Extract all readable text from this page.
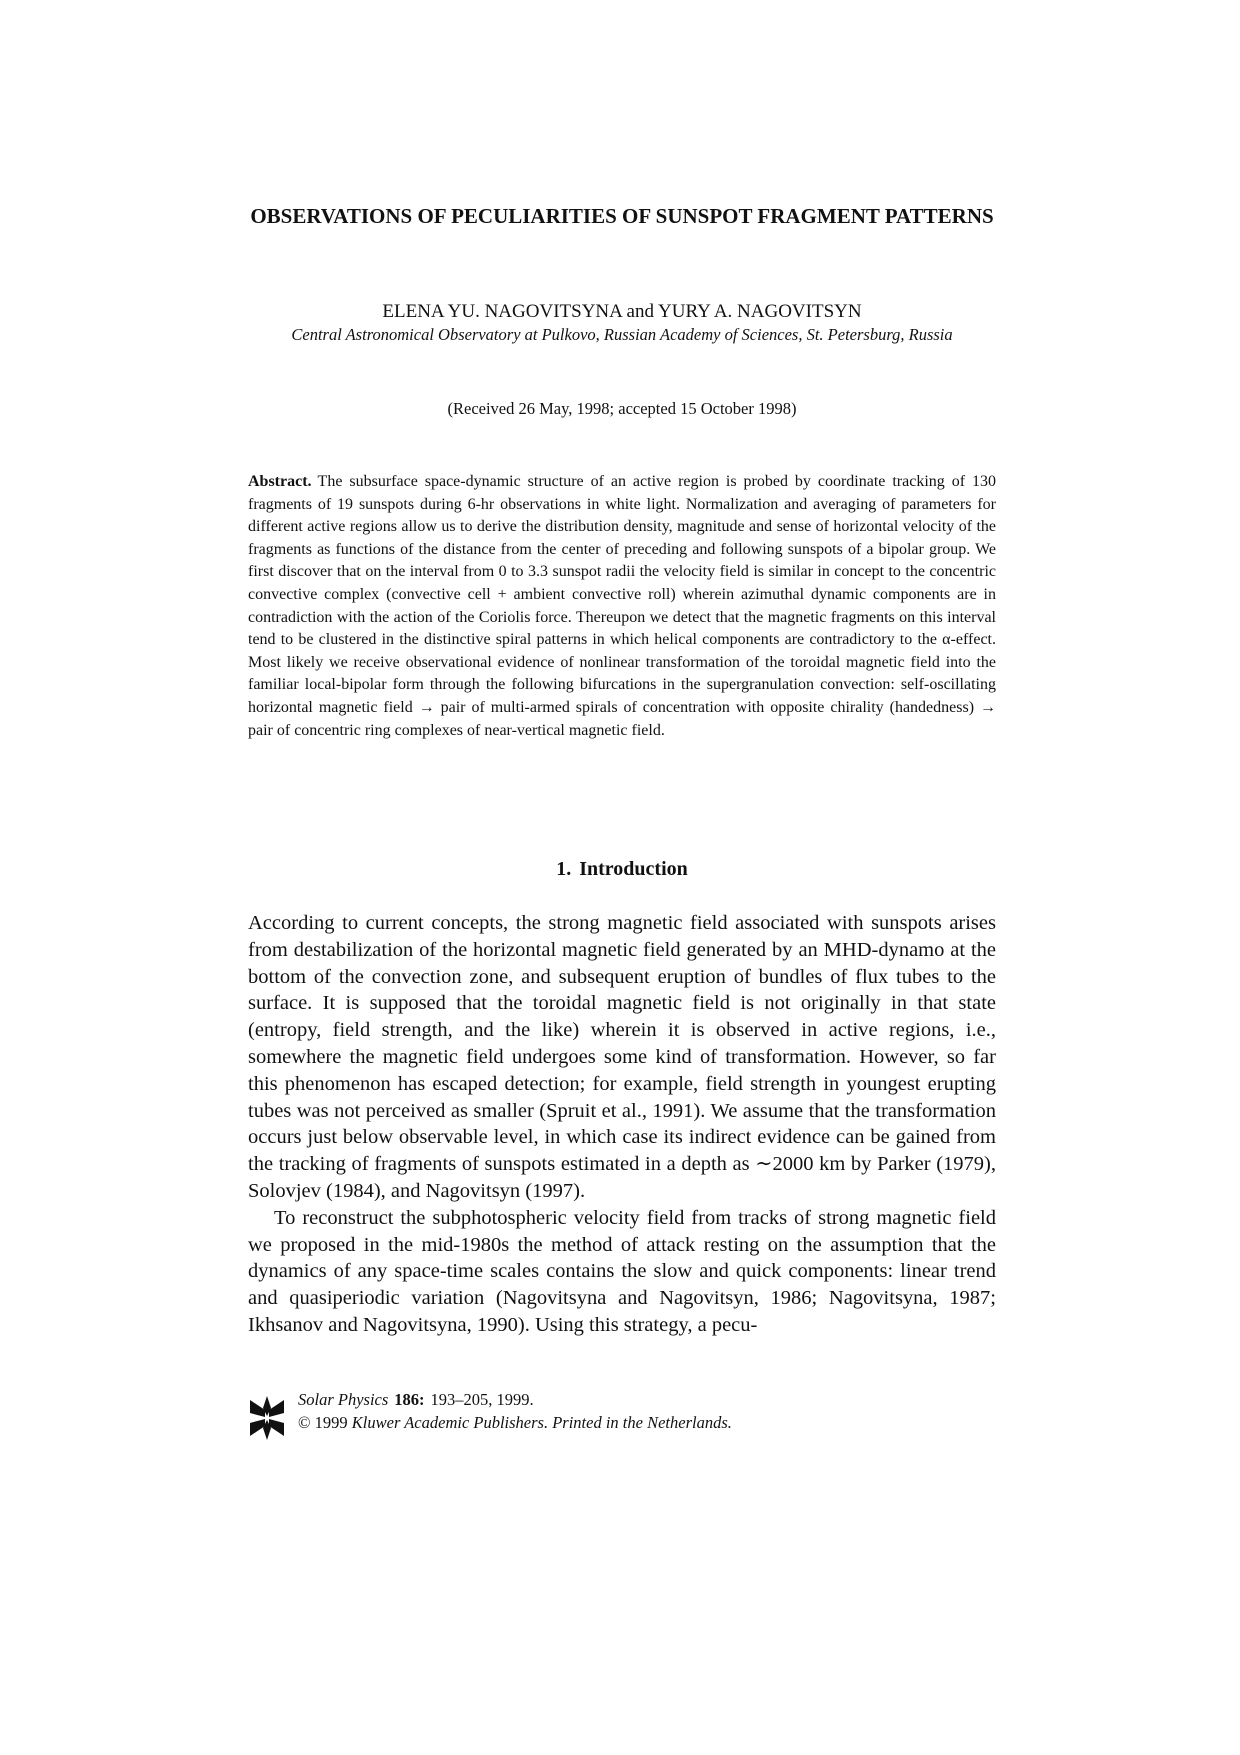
OBSERVATIONS OF PECULIARITIES OF SUNSPOT FRAGMENT PATTERNS
ELENA YU. NAGOVITSYNA and YURY A. NAGOVITSYN
Central Astronomical Observatory at Pulkovo, Russian Academy of Sciences, St. Petersburg, Russia
(Received 26 May, 1998; accepted 15 October 1998)

Abstract. The subsurface space-dynamic structure of an active region is probed by coordinate tracking of 130 fragments of 19 sunspots during 6-hr observations in white light. Normalization and averaging of parameters for different active regions allow us to derive the distribution density, magnitude and sense of horizontal velocity of the fragments as functions of the distance from the center of preceding and following sunspots of a bipolar group. We first discover that on the interval from 0 to 3.3 sunspot radii the velocity field is similar in concept to the concentric convective complex (convective cell + ambient convective roll) wherein azimuthal dynamic components are in contradiction with the action of the Coriolis force. Thereupon we detect that the magnetic fragments on this interval tend to be clustered in the distinctive spiral patterns in which helical components are contradictory to the α-effect. Most likely we receive observational evidence of nonlinear transformation of the toroidal magnetic field into the familiar local-bipolar form through the following bifurcations in the supergranulation convection: self-oscillating horizontal magnetic field → pair of multi-armed spirals of concentration with opposite chirality (handedness) → pair of concentric ring complexes of near-vertical magnetic field.

1. Introduction

According to current concepts, the strong magnetic field associated with sunspots arises from destabilization of the horizontal magnetic field generated by an MHD-dynamo at the bottom of the convection zone, and subsequent eruption of bundles of flux tubes to the surface. It is supposed that the toroidal magnetic field is not originally in that state (entropy, field strength, and the like) wherein it is observed in active regions, i.e., somewhere the magnetic field undergoes some kind of transformation. However, so far this phenomenon has escaped detection; for example, field strength in youngest erupting tubes was not perceived as smaller (Spruit et al., 1991). We assume that the transformation occurs just below observable level, in which case its indirect evidence can be gained from the tracking of fragments of sunspots estimated in a depth as ∼2000 km by Parker (1979), Solovjev (1984), and Nagovitsyn (1997).

To reconstruct the subphotospheric velocity field from tracks of strong magnetic field we proposed in the mid-1980s the method of attack resting on the assumption that the dynamics of any space-time scales contains the slow and quick components: linear trend and quasiperiodic variation (Nagovitsyna and Nagovitsyn, 1986; Nagovitsyna, 1987; Ikhsanov and Nagovitsyna, 1990). Using this strategy, a pecu-

Solar Physics 186: 193–205, 1999.
© 1999 Kluwer Academic Publishers. Printed in the Netherlands.
